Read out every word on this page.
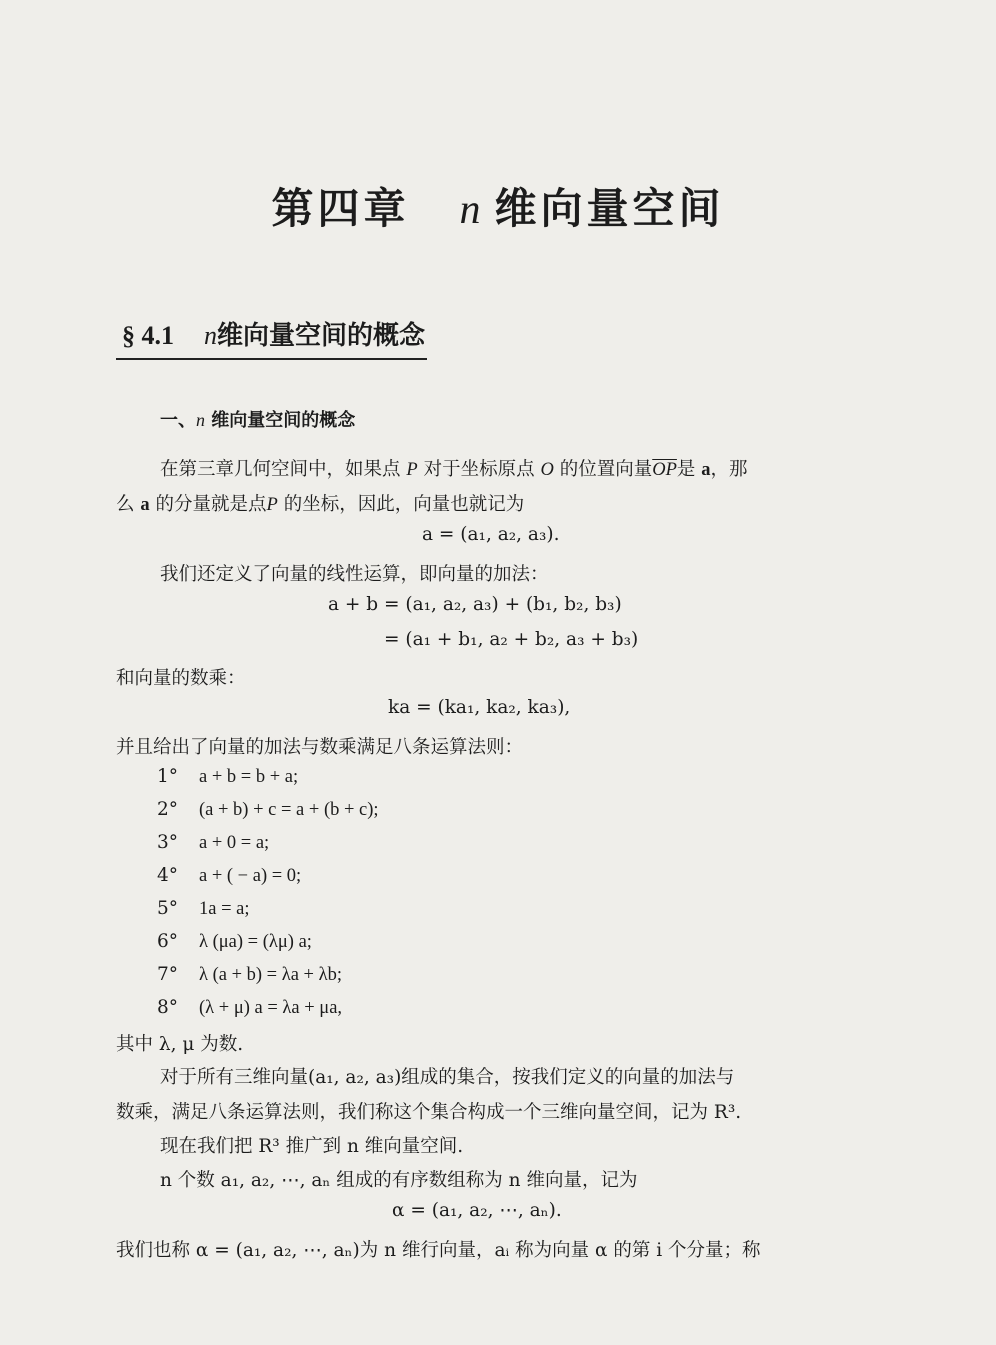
第四章 n 维向量空间
§ 4.1 n维向量空间的概念
一、n 维向量空间的概念
在第三章几何空间中，如果点 P 对于坐标原点 O 的位置向量$\overline{OP}$是 a，那
么 a 的分量就是点P 的坐标，因此，向量也就记为
a = (a₁, a₂, a₃).
我们还定义了向量的线性运算，即向量的加法：
a + b = (a₁, a₂, a₃) + (b₁, b₂, b₃)
= (a₁ + b₁, a₂ + b₂, a₃ + b₃)
和向量的数乘：
ka = (ka₁, ka₂, ka₃),
并且给出了向量的加法与数乘满足八条运算法则：
1° a + b = b + a;
2° (a + b) + c = a + (b + c);
3° a + 0 = a;
4° a + ( − a) = 0;
5° 1a = a;
6° λ (μa) = (λμ) a;
7° λ (a + b) = λa + λb;
8° (λ + μ) a = λa + μa,
其中 λ, μ 为数.
对于所有三维向量(a₁, a₂, a₃)组成的集合，按我们定义的向量的加法与
数乘，满足八条运算法则，我们称这个集合构成一个三维向量空间，记为 R³.
现在我们把 R³ 推广到 n 维向量空间.
n 个数 a₁, a₂, ⋯, aₙ 组成的有序数组称为 n 维向量，记为
α = (a₁, a₂, ⋯, aₙ).
我们也称 α = (a₁, a₂, ⋯, aₙ)为 n 维行向量，aᵢ 称为向量 α 的第 i 个分量；称
